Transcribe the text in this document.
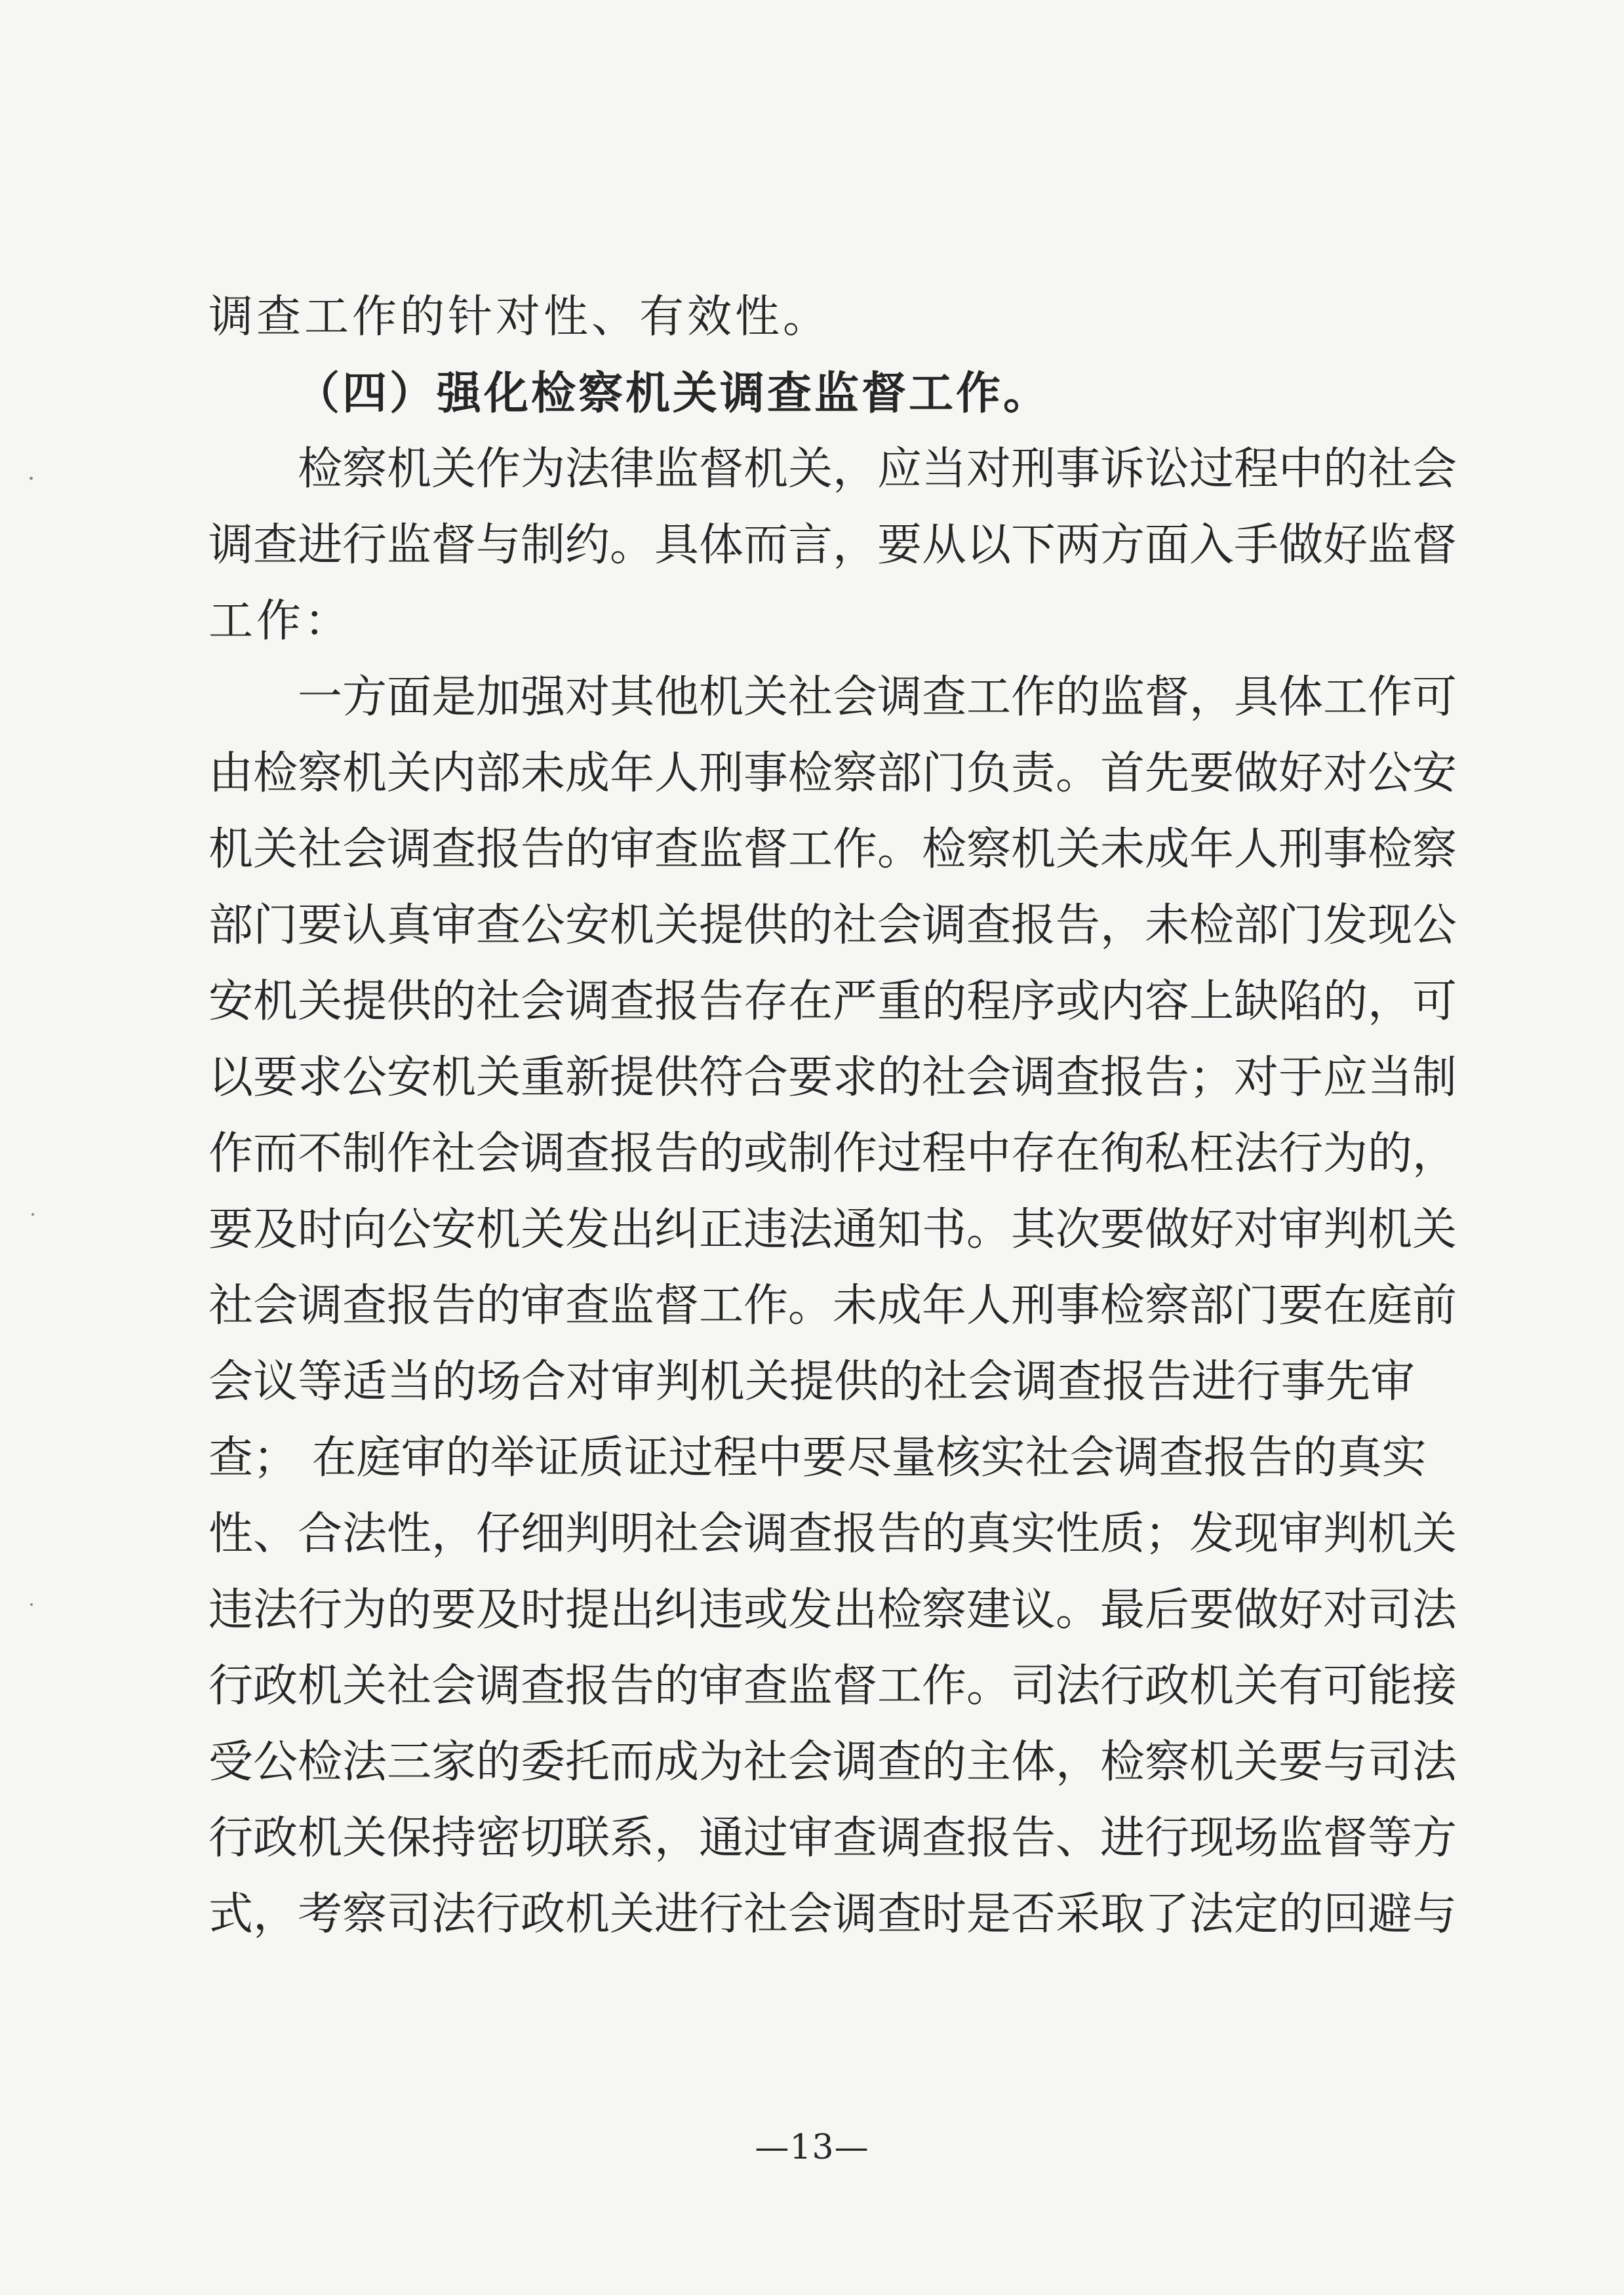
调查工作的针对性、有效性。
（四）强化检察机关调查监督工作。
　　检察机关作为法律监督机关，应当对刑事诉讼过程中的社会
调查进行监督与制约。具体而言，要从以下两方面入手做好监督
工作：
　　一方面是加强对其他机关社会调查工作的监督，具体工作可
由检察机关内部未成年人刑事检察部门负责。首先要做好对公安
机关社会调查报告的审查监督工作。检察机关未成年人刑事检察
部门要认真审查公安机关提供的社会调查报告，未检部门发现公
安机关提供的社会调查报告存在严重的程序或内容上缺陷的，可
以要求公安机关重新提供符合要求的社会调查报告；对于应当制
作而不制作社会调查报告的或制作过程中存在徇私枉法行为的，
要及时向公安机关发出纠正违法通知书。其次要做好对审判机关
社会调查报告的审查监督工作。未成年人刑事检察部门要在庭前
会议等适当的场合对审判机关提供的社会调查报告进行事先审
查； 在庭审的举证质证过程中要尽量核实社会调查报告的真实
性、合法性，仔细判明社会调查报告的真实性质；发现审判机关
违法行为的要及时提出纠违或发出检察建议。最后要做好对司法
行政机关社会调查报告的审查监督工作。司法行政机关有可能接
受公检法三家的委托而成为社会调查的主体，检察机关要与司法
行政机关保持密切联系，通过审查调查报告、进行现场监督等方
式，考察司法行政机关进行社会调查时是否采取了法定的回避与
—13—
